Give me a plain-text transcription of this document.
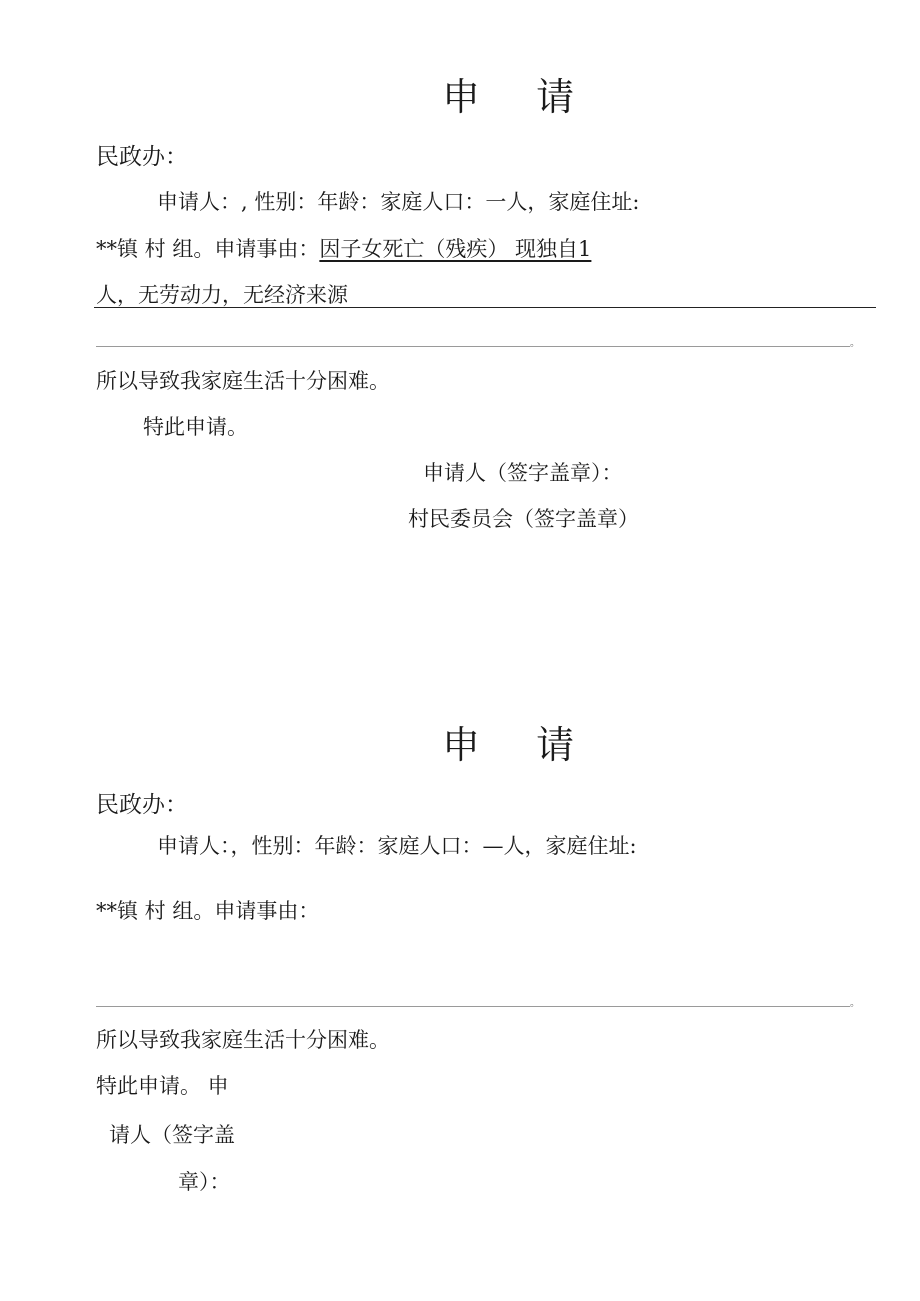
申 请
民政办：
申请人：, 性别：年龄：家庭人口：一人，家庭住址:
**镇 村 组。申请事由：因子女死亡（残疾） 现独自1
人，无劳动力，无经济来源
。
所以导致我家庭生活十分困难。
特此申请。
申请人（签字盖章）：
村民委员会（签字盖章）
申 请
民政办：
申请人：，性别：年龄：家庭人口：—人，家庭住址:
**镇 村 组。申请事由：
。
所以导致我家庭生活十分困难。
特此申请。 申
请人（签字盖
章）：
